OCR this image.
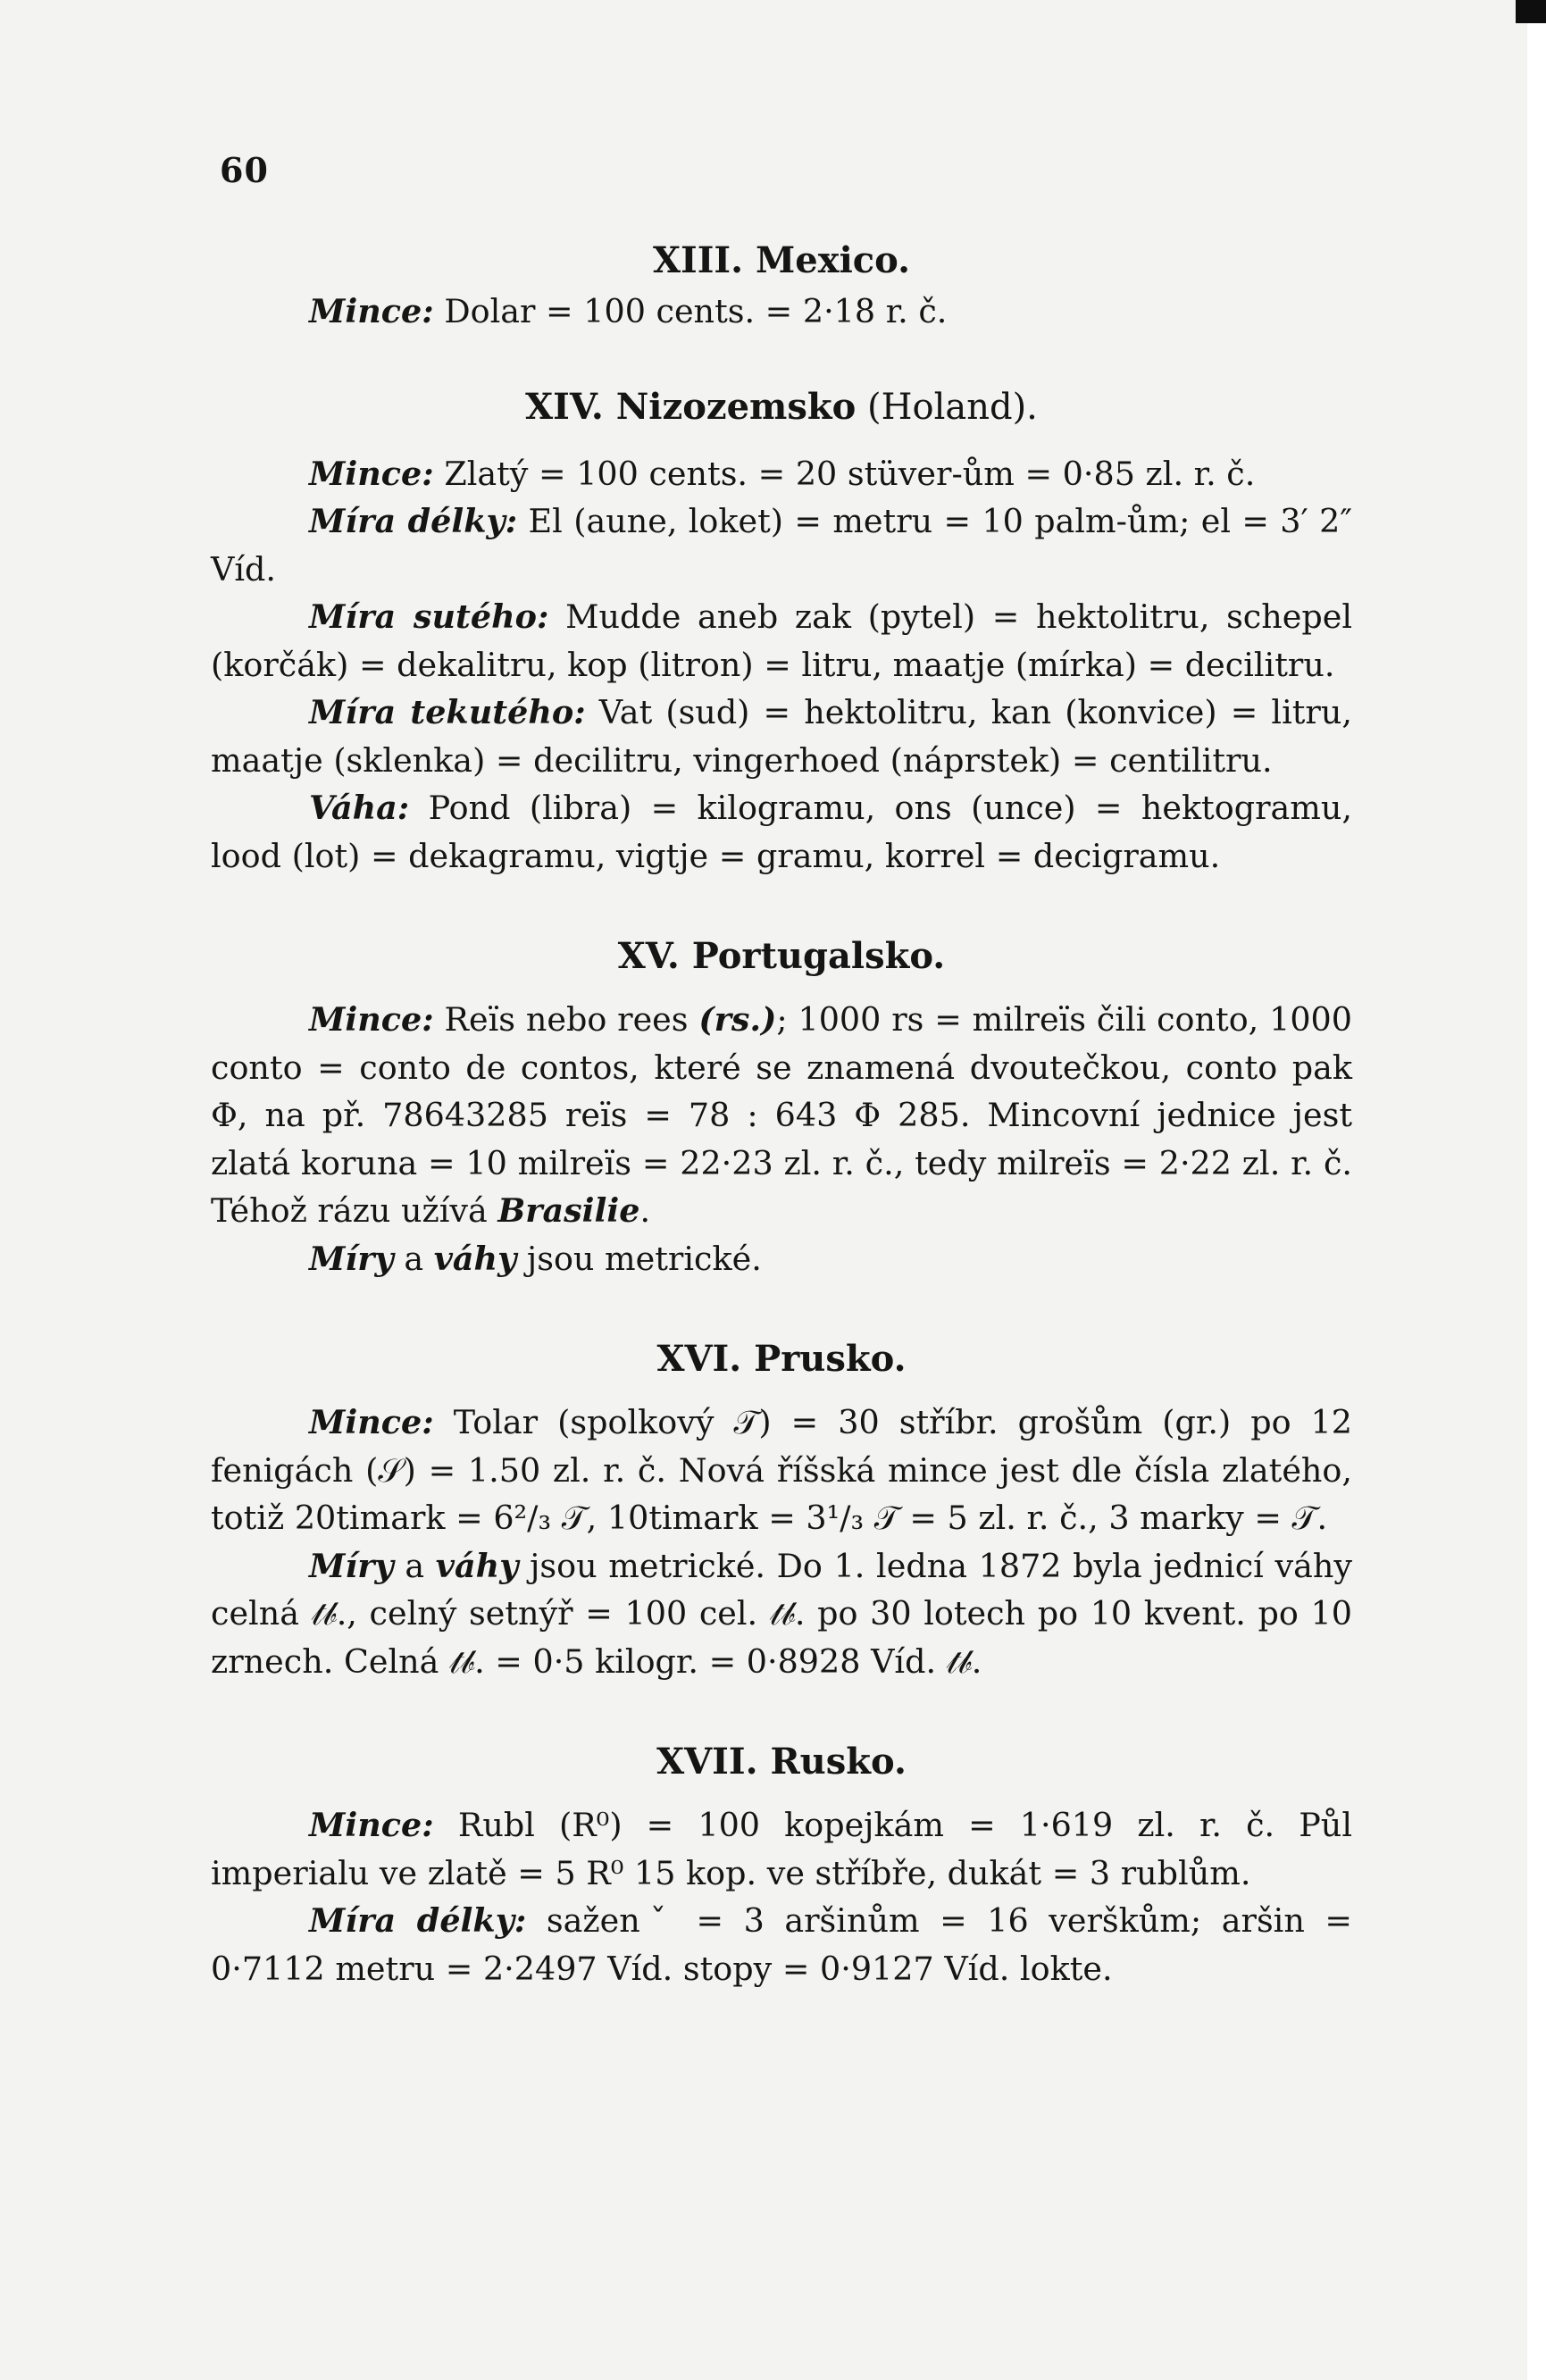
60
XIII. Mexico.

Mince: Dolar = 100 cents. = 2·18 r. č.

XIV. Nizozemsko (Holand).

Mince: Zlatý = 100 cents. = 20 stüver-ům = 0·85 zl. r. č.

Míra délky: El (aune, loket) = metru = 10 palm-ům; el = 3′ 2″ Víd.

Míra sutého: Mudde aneb zak (pytel) = hektolitru, schepel (korčák) = dekalitru, kop (litron) = litru, maatje (mírka) = decilitru.

Míra tekutého: Vat (sud) = hektolitru, kan (konvice) = litru, maatje (sklenka) = decilitru, vingerhoed (náprstek) = centilitru.

Váha: Pond (libra) = kilogramu, ons (unce) = hektogramu, lood (lot) = dekagramu, vigtje = gramu, korrel = decigramu.

XV. Portugalsko.

Mince: Reïs nebo rees (rs.); 1000 rs = milreïs čili conto, 1000 conto = conto de contos, které se znamená dvoutečkou, conto pak Φ, na př. 78643285 reïs = 78 : 643 Φ 285. Mincovní jednice jest zlatá koruna = 10 milreïs = 22·23 zl. r. č., tedy milreïs = 2·22 zl. r. č. Téhož rázu užívá Brasilie.

Míry a váhy jsou metrické.

XVI. Prusko.

Mince: Tolar (spolkový 𝒯) = 30 stříbr. grošům (gr.) po 12 fenigách (𝒮) = 1.50 zl. r. č. Nová říšská mince jest dle čísla zlatého, totiž 20timark = 6²/₃ 𝒯, 10timark = 3¹/₃ 𝒯 = 5 zl. r. č., 3 marky = 𝒯.

Míry a váhy jsou metrické. Do 1. ledna 1872 byla jednicí váhy celná 𝓉𝒷., celný setnýř = 100 cel. 𝓉𝒷. po 30 lotech po 10 kvent. po 10 zrnech. Celná 𝓉𝒷. = 0·5 kilogr. = 0·8928 Víd. 𝓉𝒷.

XVII. Rusko.

Mince: Rubl (R⁰) = 100 kopejkám = 1·619 zl. r. č. Půl imperialu ve zlatě = 5 R⁰ 15 kop. ve stříbře, dukát = 3 rublům.

Míra délky: saženˇ = 3 aršinům = 16 verškům; aršin = 0·7112 metru = 2·2497 Víd. stopy = 0·9127 Víd. lokte.
